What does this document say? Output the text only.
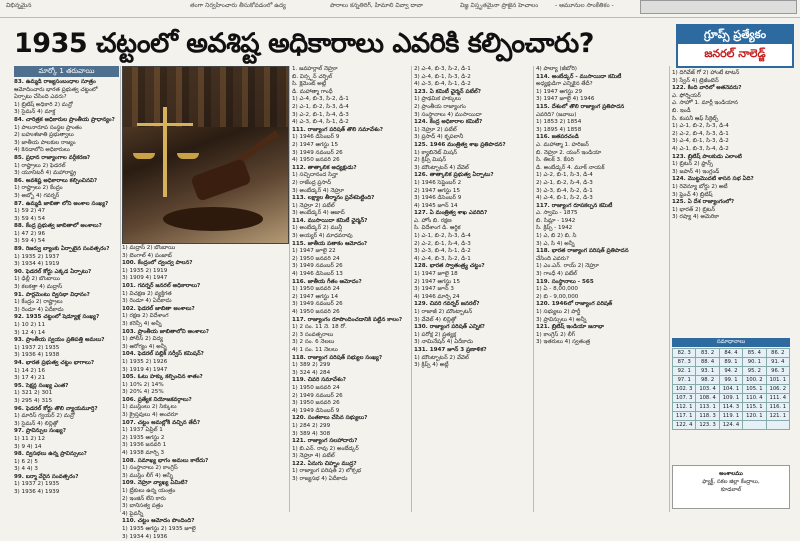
విభిన్నమైన	తంగా నిర్వహించారు తీసుకోవడంలో ఉద్య	పారాలు కన్నతిరిగ్, హిమాలి వివ్వా దావా	విజ్ఞ విస్తృతమైనా ప్రాజైన హెచాలం	- ఆమూనుల సాంకేతికం -
1935 చట్టంలో అవశిష్ట అధికారాలు ఎవరికి కల్పించారు?	గ్రూప్స్ ప్రత్యేకం
జనరల్ నాలెడ్జ్
మార్కో 1 తరువాయి

83. ఉమ్మడి రాజ్యసంబంధాల సూత్రం

ఆమోదించారు భారత ప్రభుత్వ చట్టంలో

ఏర్పాటు చేసింది ఎవరు?

1) బ్రిటిష్ అధికారి 2) మన్రో

3) సైమన్ 4) మాక్డ

84. చారిత్రక అధికారుల ప్రాంతీయ ప్రాధాన్యం?

1) పాలనారూప సంస్థల ప్రాంతం

2) బహుళజాతి ప్రభుత్వాలు

3) జాతీయ పాలకుల రాజ్యం

4) కెనడాలోని అధికారులు

85. ప్రధాన రాజ్యాంగాల వర్గీకరణ?

1) రాష్ట్రాలు 2) ఫెడరల్

3) యూనిటరీ 4) మహారాష్ట్ర

86. అవశిష్ట అధికారాలు కల్పించినవి?

1) రాష్ట్రాలు 2) కేంద్రం

3) అబ్బో 4) గవర్నర్

87. ఉమ్మడి జాబితా లోని అంశాల సంఖ్య?

1) 59 2) 47

3) 59 4) 54

88. కేంద్ర ప్రభుత్వ జాబితాలో అంశాలు?

1) 47 2) 96

3) 59 4) 54

89. రిజర్వు బ్యాంకు ఏర్పాటైన సంవత్సరం?

1) 1935 2) 1937

3) 1934 4) 1919

90. ఫెడరల్ కోర్టు ఎక్కడ ఏర్పాటు?

1) ఢిల్లీ 2) బొంబాయి

3) కలకత్తా 4) మద్రాస్

91. పార్లమెంటు ద్విసభా విధానం?

1) కేంద్రం 2) రాష్ట్రాలు

3) రెండూ 4) ఏదీకాదు

92. 1935 చట్టంలో షెడ్యూళ్ల సంఖ్య?

1) 10 2) 11

3) 12 4) 14

93. ప్రాంతీయ స్వయం ప్రతిపత్తి అమలు?

1) 1937 2) 1935

3) 1936 4) 1938

94. భారత ప్రభుత్వ చట్టం భాగాలు?

1) 14 2) 16

3) 17 4) 21

95. సెక్షన్ల సంఖ్య ఎంత?

1) 321 2) 301

3) 295 4) 315

96. ఫెడరల్ కోర్టు తొలి న్యాయమూర్తి?

1) మారిస్ గ్వయర్ 2) మన్రో

3) సైమన్ 4) లిన్లిత్గో

97. ప్రావిన్సుల సంఖ్య?

1) 11 2) 12

3) 9 4) 14

98. ద్విసభలు ఉన్న ప్రావిన్సులు?

1) 6 2) 5

3) 4 4) 3

99. బర్మా వేరైన సంవత్సరం?

1) 1937 2) 1935

3) 1936 4) 1939

1) మద్రాస్ 2) బొంబాయి

3) బెంగాల్ 4) పంజాబ్

100. కేంద్రంలో ద్వంద్వ పాలన?

1) 1935 2) 1919

3) 1909 4) 1947

101. గవర్నర్ జనరల్ అధికారాలు?

1) విచక్షణ 2) వ్యక్తిగత

3) రెండూ 4) ఏదీకాదు

102. ఫెడరల్ జాబితా అంశాలు?

1) రక్షణ 2) విదేశాంగ

3) కరెన్సీ 4) అన్నీ

103. ప్రాంతీయ జాబితాలోని అంశాలు?

1) పోలీస్ 2) విద్య

3) ఆరోగ్యం 4) అన్నీ

104. ఫెడరల్ పబ్లిక్ సర్వీస్ కమిషన్?

1) 1935 2) 1926

3) 1919 4) 1947

105. ఓటు హక్కు కల్పించిన శాతం?

1) 10% 2) 14%

3) 20% 4) 25%

106. ప్రత్యేక నియోజకవర్గాలు?

1) ముస్లింలు 2) సిక్కులు

3) క్రైస్తవులు 4) అందరూ

107. చట్టం అమల్లోకి వచ్చిన తేదీ?

1) 1937 ఏప్రిల్ 1

2) 1935 ఆగస్టు 2

3) 1936 జనవరి 1

4) 1938 మార్చి 3

108. సమాఖ్య భాగం అమలు కాలేదు?

1) సంస్థానాలు 2) కాంగ్రెస్

3) ముస్లిం లీగ్ 4) అన్నీ

109. నెహ్రూ వ్యాఖ్య ఏమిటి?

1) బ్రేకులు ఉన్న యంత్రం

2) ఇంజిన్ లేని కారు

3) బానిసత్వ పత్రం

4) పైవన్నీ

110. చట్టం ఆమోదం పొందింది?

1) 1935 ఆగస్టు 2) 1935 జూలై

3) 1934 4) 1936

1. జవహర్లాల్ నెహ్రూ

బి. విన్స్టన్ చర్చిల్

సి. క్లెమెంట్ అట్లీ

డి. మహాత్మా గాంధీ

1) ఎ-4, బి-3, సి-2, డి-1

2) ఎ-1, బి-2, సి-3, డి-4

3) ఎ-2, బి-1, సి-4, డి-3

4) ఎ-3, బి-4, సి-1, డి-2

111. రాజ్యాంగ పరిషత్ తొలి సమావేశం?

1) 1946 డిసెంబర్ 9

2) 1947 ఆగస్టు 15

3) 1949 నవంబర్ 26

4) 1950 జనవరి 26

112. తాత్కాలిక అధ్యక్షుడు?

1) సచ్చిదానంద సిన్హా

2) రాజేంద్ర ప్రసాద్

3) అంబేడ్కర్ 4) నెహ్రూ

113. లక్ష్యాల తీర్మానం ప్రవేశపెట్టింది?

1) నెహ్రూ 2) పటేల్

3) అంబేడ్కర్ 4) ఆజాద్

114. ముసాయిదా కమిటీ ఛైర్మన్?

1) అంబేడ్కర్ 2) మున్షీ

3) అయ్యర్ 4) మాధవరావు

115. జాతీయ పతాకం ఆమోదం?

1) 1947 జూలై 22

2) 1950 జనవరి 24

3) 1949 నవంబర్ 26

4) 1946 డిసెంబర్ 13

116. జాతీయ గీతం ఆమోదం?

1) 1950 జనవరి 24

2) 1947 ఆగస్టు 14

3) 1949 నవంబర్ 26

4) 1950 జనవరి 26

117. రాజ్యాంగం రూపొందించడానికి పట్టిన కాలం?

1) 2 సం. 11 నె. 18 రో.

2) 3 సంవత్సరాలు

3) 2 సం. 6 నెలలు

4) 1 సం. 11 నెలలు

118. రాజ్యాంగ పరిషత్ సభ్యుల సంఖ్య?

1) 389 2) 299

3) 324 4) 284

119. చివరి సమావేశం?

1) 1950 జనవరి 24

2) 1949 నవంబర్ 26

3) 1950 జనవరి 26

4) 1949 డిసెంబర్ 9

120. సంతకాలు చేసిన సభ్యులు?

1) 284 2) 299

3) 389 4) 308

121. రాజ్యాంగ సలహాదారు?

1) బి.ఎన్. రావు 2) అంబేడ్కర్

3) నెహ్రూ 4) పటేల్

122. ఏనుగు చిహ్నం ముద్ర?

1) రాజ్యాంగ పరిషత్ 2) లోక్సభ

3) రాజ్యసభ 4) ఏదీకాదు

2) ఎ-4, బి-3, సి-2, డి-1

3) ఎ-4, బి-1, సి-3, డి-2

4) ఎ-3, బి-4, సి-1, డి-2

123. ఏ కమిటీ ఛైర్మన్ పటేల్?

1) ప్రాథమిక హక్కులు

2) ప్రాంతీయ రాజ్యాంగం

3) సంస్థానాలు 4) ముసాయిదా

124. కేంద్ర అధికారాల కమిటీ?

1) నెహ్రూ 2) పటేల్

3) ప్రసాద్ 4) కృపలానీ

125. 1946 మంత్రిత్వ శాఖ ప్రతిపాదన?

1) క్యాబినెట్ మిషన్

2) క్రిప్స్ మిషన్

3) మౌంట్బాటన్ 4) వేవెల్

126. తాత్కాలిక ప్రభుత్వ ఏర్పాటు?

1) 1946 సెప్టెంబర్ 2

2) 1947 ఆగస్టు 15

3) 1946 డిసెంబర్ 9

4) 1945 జూన్ 14

127. ఏ మంత్రిత్వ శాఖ ఎవరిది?

ఎ. హోం బి. రక్షణ

సి. విదేశాంగ డి. ఆర్థిక

1) ఎ-1, బి-2, సి-3, డి-4

2) ఎ-2, బి-1, సి-4, డి-3

3) ఎ-3, బి-4, సి-1, డి-2

4) ఎ-4, బి-3, సి-2, డి-1

128. భారత స్వాతంత్ర్య చట్టం?

1) 1947 జూలై 18

2) 1947 ఆగస్టు 15

3) 1947 జూన్ 3

4) 1946 మార్చి 24

129. చివరి గవర్నర్ జనరల్?

1) రాజాజీ 2) మౌంట్బాటన్

3) వేవెల్ 4) లిన్లిత్గో

130. రాజ్యాంగ పరిషత్ ఎన్నిక?

1) పరోక్ష 2) ప్రత్యక్ష

3) నామినేషన్ 4) ఏదీకాదు

131. 1947 జూన్ 3 ప్రణాళిక?

1) మౌంట్బాటన్ 2) వేవెల్

3) క్రిప్స్ 4) అట్లీ

4) పాల్యా (జీబోరి)

114. అంబేడ్కర్ - ముసాయిదా కమిటీ

అధ్యక్షుడిగా ఎన్నికైన తేదీ?

1) 1947 ఆగస్టు 29

3) 1947 జూలై 4) 1946

115. దేశంలో తొలి రాజ్యాంగ ప్రతిపాదన

ఎవరిది? (జవాబు)

1) 1853 2) 1854

3) 1895 4) 1858

116. జతపరచండి

ఎ. మహాత్మా 1. హరిజన్

బి. నెహ్రూ 2. యంగ్ ఇండియా

సి. తిలక్ 3. కేసరి

డి. అంబేడ్కర్ 4. మూక్ నాయక్

1) ఎ-2, బి-1, సి-3, డి-4

2) ఎ-1, బి-2, సి-4, డి-3

3) ఎ-3, బి-4, సి-2, డి-1

4) ఎ-4, బి-1, సి-2, డి-3

117. రాజ్యాంగ రూపకల్పన కమిటీ

ఎ. స్వామి - 1875

బి. సిమ్లా - 1942

సి. క్రిప్స్ - 1942

1) ఎ, బి 2) బి, సి

3) ఎ, సి 4) అన్నీ

118. భారత రాజ్యాంగ పరిషత్ ప్రతిపాదన

చేసింది ఎవరు?

1) ఎం.ఎన్. రాయ్ 2) నెహ్రూ

3) గాంధీ 4) పటేల్

119. సంస్థానాలు - 565

1) ఏ - 8,00,000

2) బి - 9,00,000

120. 1946లో రాజ్యాంగ పరిషత్

1) సభ్యులు 2) పార్టీ

3) ప్రావిన్సులు 4) అన్నీ

121. బ్రిటిష్ ఇండియా జనాభా

1) కాంగ్రెస్ 2) లీగ్

3) ఇతరులు 4) స్వతంత్ర

1) దిగివేజ్ గో 2) హాంటే టాటన్

3) స్వేన్ 4) ట్రెజీంటెన్

122. కింది వారిలో అతనెవరు?

ఎ. ఫోర్నియర్

ఎ. సాహో 1. మార్లీ ఇండియాన

బి. ఇండీ

సి. కంపనీ ఆఫ్ సీక్రెట్స్

1) ఎ-1, బి-2, సి-3, డి-4

2) ఎ-2, బి-4, సి-3, డి-1

3) ఎ-4, బి-1, సి-3, డి-2

4) ఎ-1, బి-3, సి-4, డి-2

123. బ్రిటిష్ పాలకుడు ఎలాంటి

1) బ్రిటన్ 2) ఫ్రాన్స్

3) జపాన్ 4) ఇంగ్లండ్

124. మొట్టమొదటి శాసన సభ ఏది?

1) రెవెన్యూ బోర్డు 2) అటీ

3) ఫ్రెంచ్ 4) బ్రిటిష్

125. ఏ దేశ రాజ్యాంగంలో?

1) భారత్ 2) బ్రిటన్

3) రష్యా 4) అమెరికా

సమాధానాలు
82. 3	83. 2	84. 4	85. 4	86. 2
87. 3	88. 4	89. 1	90. 1	91. 4
92. 1	93. 1	94. 2	95. 2	96. 3
97. 1	98. 2	99. 1	100. 2	101. 1
102. 3	103. 4	104. 1	105. 1	106. 2
107. 3	108. 4	109. 1	110. 4	111. 4
112. 1	113. 1	114. 3	115. 1	116. 1
117. 1	118. 3	119. 1	120. 1	121. 1
122. 4	123. 3	124. 4		
అంశాలము
ఫ్యాక్ట్, సకల జిల్లా కేంద్రాలు,
కూడలాల్
